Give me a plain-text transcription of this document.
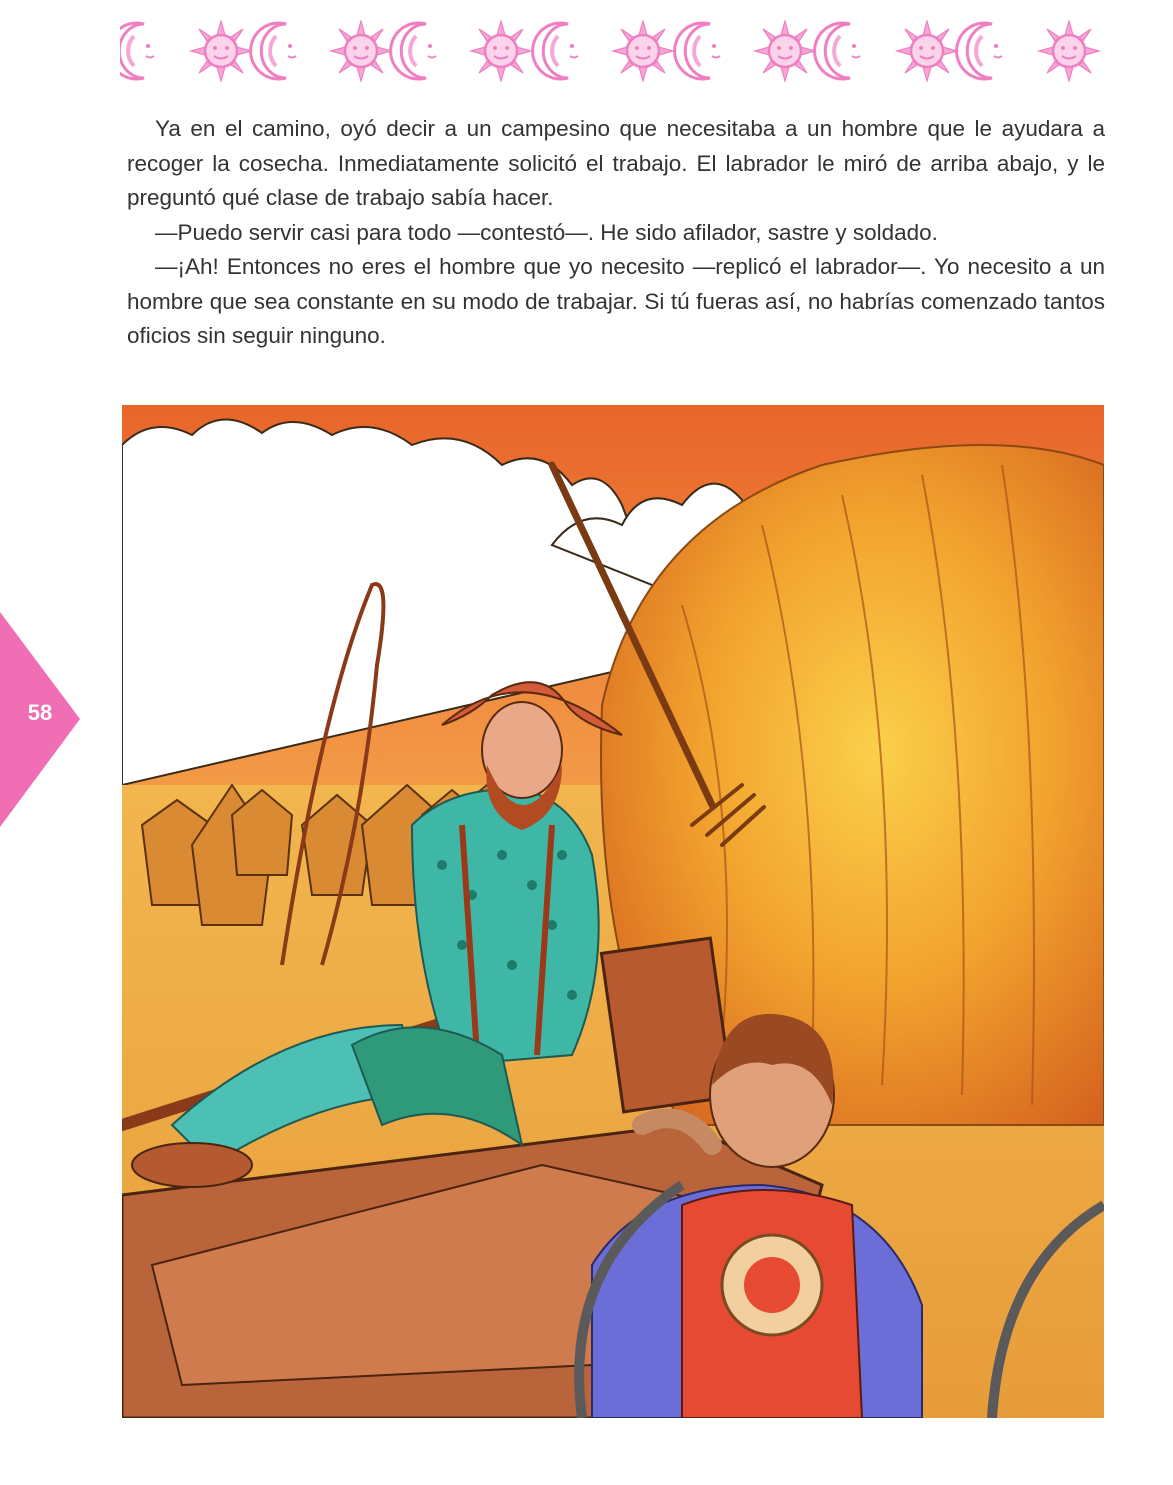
Ya en el camino, oyó decir a un campesino que necesitaba a un hombre que le ayudara a recoger la cosecha. Inmediatamente solicitó el trabajo. El labrador le miró de arriba abajo, y le preguntó qué clase de trabajo sabía hacer.

—Puedo servir casi para todo —contestó—. He sido afilador, sastre y soldado.

—¡Ah! Entonces no eres el hombre que yo necesito —replicó el labrador—. Yo necesito a un hombre que sea constante en su modo de trabajar. Si tú fueras así, no habrías comenzado tantos oficios sin seguir ninguno.

58
